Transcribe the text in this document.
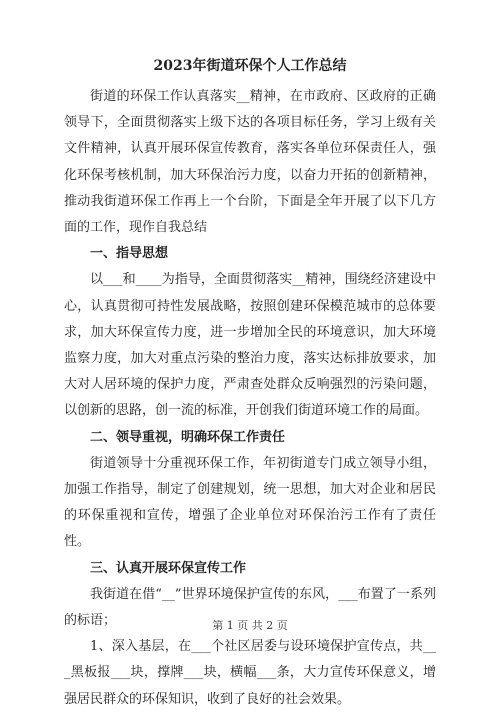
2023年街道环保个人工作总结

街道的环保工作认真落实__精神，在市政府、区政府的正确领导下，全面贯彻落实上级下达的各项目标任务，学习上级有关文件精神，认真开展环保宣传教育，落实各单位环保责任人，强化环保考核机制，加大环保治污力度，以奋力开拓的创新精神，推动我街道环保工作再上一个台阶，下面是全年开展了以下几方面的工作，现作自我总结

一、指导思想

以___和____为指导，全面贯彻落实__精神，围绕经济建设中心，认真贯彻可持性发展战略，按照创建环保模范城市的总体要求，加大环保宣传力度，进一步增加全民的环境意识，加大环境监察力度，加大对重点污染的整治力度，落实达标排放要求，加大对人居环境的保护力度，严肃查处群众反响强烈的污染问题，以创新的思路，创一流的标准，开创我们街道环境工作的局面。

二、领导重视，明确环保工作责任

街道领导十分重视环保工作，年初街道专门成立领导小组，加强工作指导，制定了创建规划，统一思想，加大对企业和居民的环保重视和宣传，增强了企业单位对环保治污工作有了责任性。

三、认真开展环保宣传工作

我街道在借“__”世界环境保护宣传的东风，___布置了一系列的标语；

1、深入基层，在___个社区居委与设环境保护宣传点，共___黑板报___块，撑牌___块，横幅___条，大力宣传环保意义，增强居民群众的环保知识，收到了良好的社会效果。

第 1 页 共 2 页
